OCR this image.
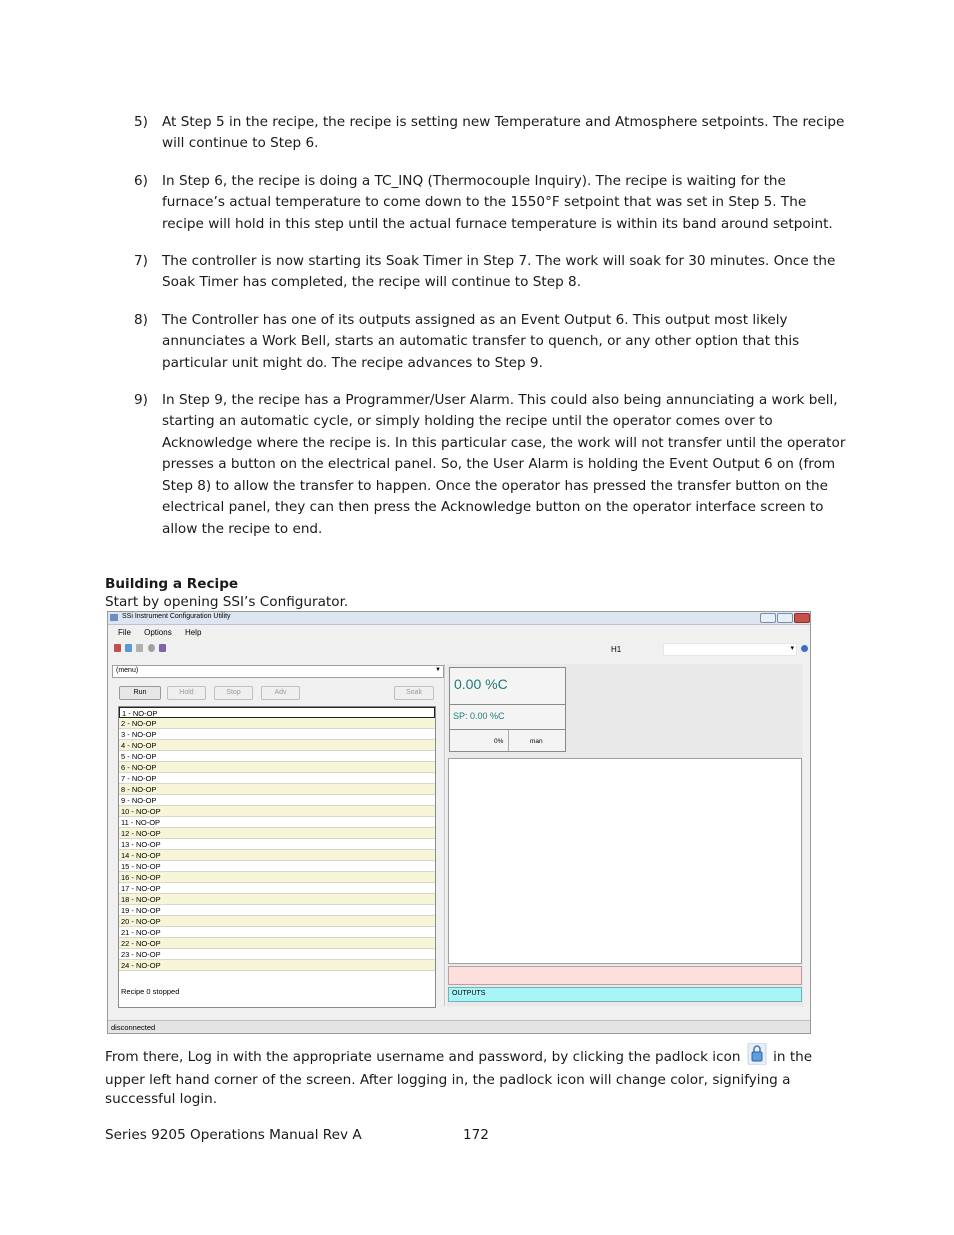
5) At Step 5 in the recipe, the recipe is setting new Temperature and Atmosphere setpoints. The recipe will continue to Step 6.
6) In Step 6, the recipe is doing a TC_INQ (Thermocouple Inquiry). The recipe is waiting for the furnace’s actual temperature to come down to the 1550°F setpoint that was set in Step 5. The recipe will hold in this step until the actual furnace temperature is within its band around setpoint.
7) The controller is now starting its Soak Timer in Step 7. The work will soak for 30 minutes. Once the Soak Timer has completed, the recipe will continue to Step 8.
8) The Controller has one of its outputs assigned as an Event Output 6. This output most likely annunciates a Work Bell, starts an automatic transfer to quench, or any other option that this particular unit might do. The recipe advances to Step 9.
9) In Step 9, the recipe has a Programmer/User Alarm. This could also being annunciating a work bell, starting an automatic cycle, or simply holding the recipe until the operator comes over to Acknowledge where the recipe is. In this particular case, the work will not transfer until the operator presses a button on the electrical panel. So, the User Alarm is holding the Event Output 6 on (from Step 8) to allow the transfer to happen. Once the operator has pressed the transfer button on the electrical panel, they can then press the Acknowledge button on the operator interface screen to allow the recipe to end.
Building a Recipe
Start by opening SSI’s Configurator.
SSi Instrument Configuration Utility
File Options Help

H1	▾
(menu)	▼
Run	Hold	Stop	Adv	Soak
1 - NO-OP
2 - NO-OP
3 - NO-OP
4 - NO-OP
5 - NO-OP
6 - NO-OP
7 - NO-OP
8 - NO-OP
9 - NO-OP
10 - NO-OP
11 - NO-OP
12 - NO-OP
13 - NO-OP
14 - NO-OP
15 - NO-OP
16 - NO-OP
17 - NO-OP
18 - NO-OP
19 - NO-OP
20 - NO-OP
21 - NO-OP
22 - NO-OP
23 - NO-OP
24 - NO-OP
Recipe 0 stopped
0.00 %C
SP: 0.00 %C
0%	man
OUTPUTS
disconnected
From there, Log in with the appropriate username and password, by clicking the padlock icon in the upper left hand corner of the screen. After logging in, the padlock icon will change color, signifying a successful login.
Series 9205 Operations Manual Rev A	172
